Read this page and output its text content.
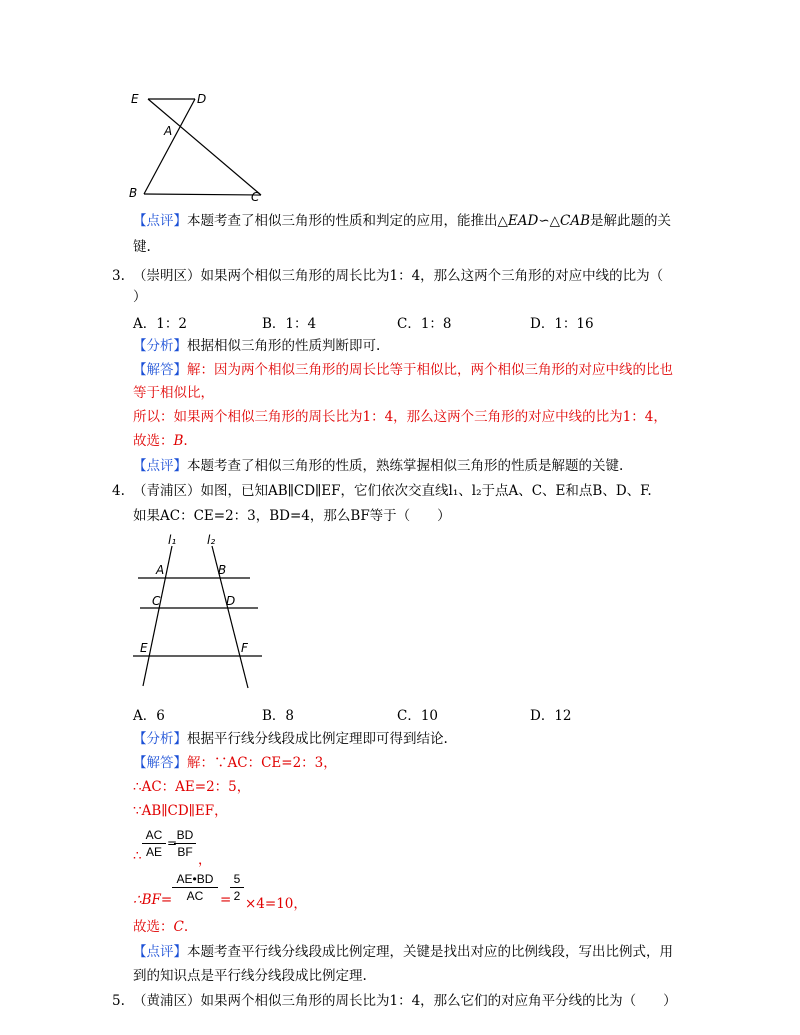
E	D
A
B	C
【点评】本题考查了相似三角形的性质和判定的应用，能推出△EAD∽△CAB是解此题的关
键.
3. （崇明区）如果两个相似三角形的周长比为1：4，那么这两个三角形的对应中线的比为（
）
A．1：2	B．1：4	C．1：8	D．1：16
【分析】根据相似三角形的性质判断即可.
【解答】解：因为两个相似三角形的周长比等于相似比，两个相似三角形的对应中线的比也
等于相似比，
所以：如果两个相似三角形的周长比为1：4，那么这两个三角形的对应中线的比为1：4，
故选：B.
【点评】本题考查了相似三角形的性质，熟练掌握相似三角形的性质是解题的关键.
4. （青浦区）如图，已知AB∥CD∥EF，它们依次交直线l₁、l₂于点A、C、E和点B、D、F.
如果AC：CE=2：3，BD=4，那么BF等于（　　）
l₁	l₂
A	B
C	D
E	F
A．6	B．8	C．10	D．12
【分析】根据平行线分线段成比例定理即可得到结论.
【解答】解：∵AC：CE=2：3，
∴AC：AE=2：5，
∵AB∥CD∥EF，
AC
AE
=
BD
BF
∴	，
∴BF=
AE•BD
AC	=
5
2 ×4=10，
故选：C.
【点评】本题考查平行线分线段成比例定理，关键是找出对应的比例线段，写出比例式，用
到的知识点是平行线分线段成比例定理.
5. （黄浦区）如果两个相似三角形的周长比为1：4，那么它们的对应角平分线的比为（　　）
